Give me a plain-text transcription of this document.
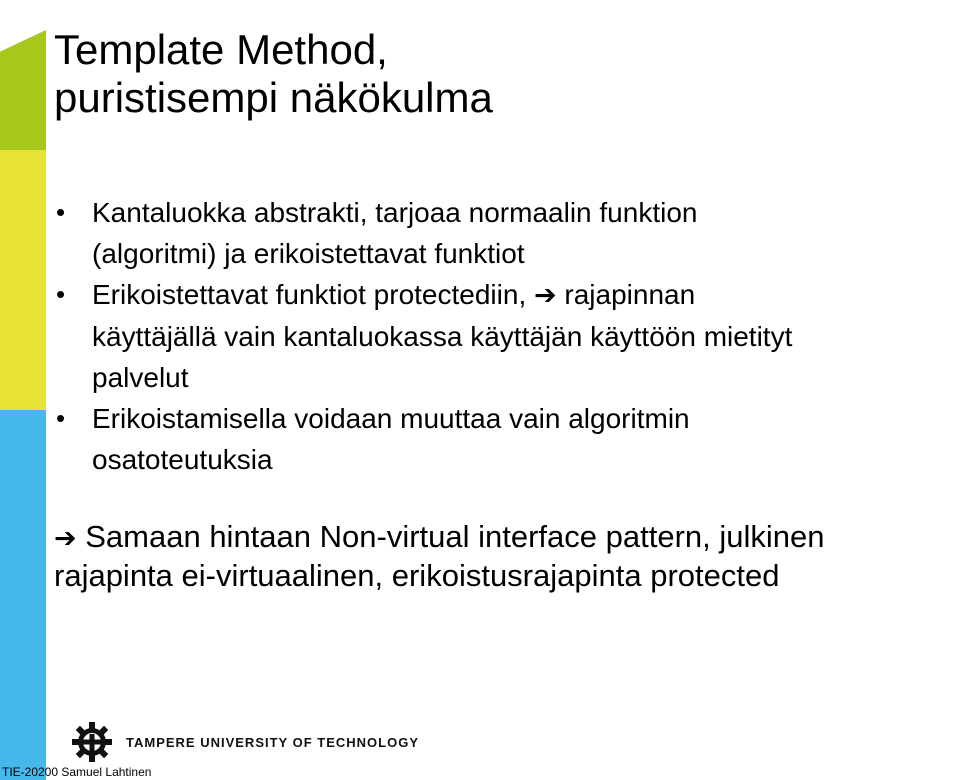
Template Method,
puristisempi näkökulma
• Kantaluokka abstrakti, tarjoaa normaalin funktion
(algoritmi) ja erikoistettavat funktiot
• Erikoistettavat funktiot protectediin, ➔ rajapinnan
käyttäjällä vain kantaluokassa käyttäjän käyttöön mietityt
palvelut
• Erikoistamisella voidaan muuttaa vain algoritmin
osatoteutuksia

➔ Samaan hintaan Non-virtual interface pattern, julkinen
rajapinta ei-virtuaalinen, erikoistusrajapinta protected

TAMPERE UNIVERSITY OF TECHNOLOGY
TIE-20200 Samuel Lahtinen
